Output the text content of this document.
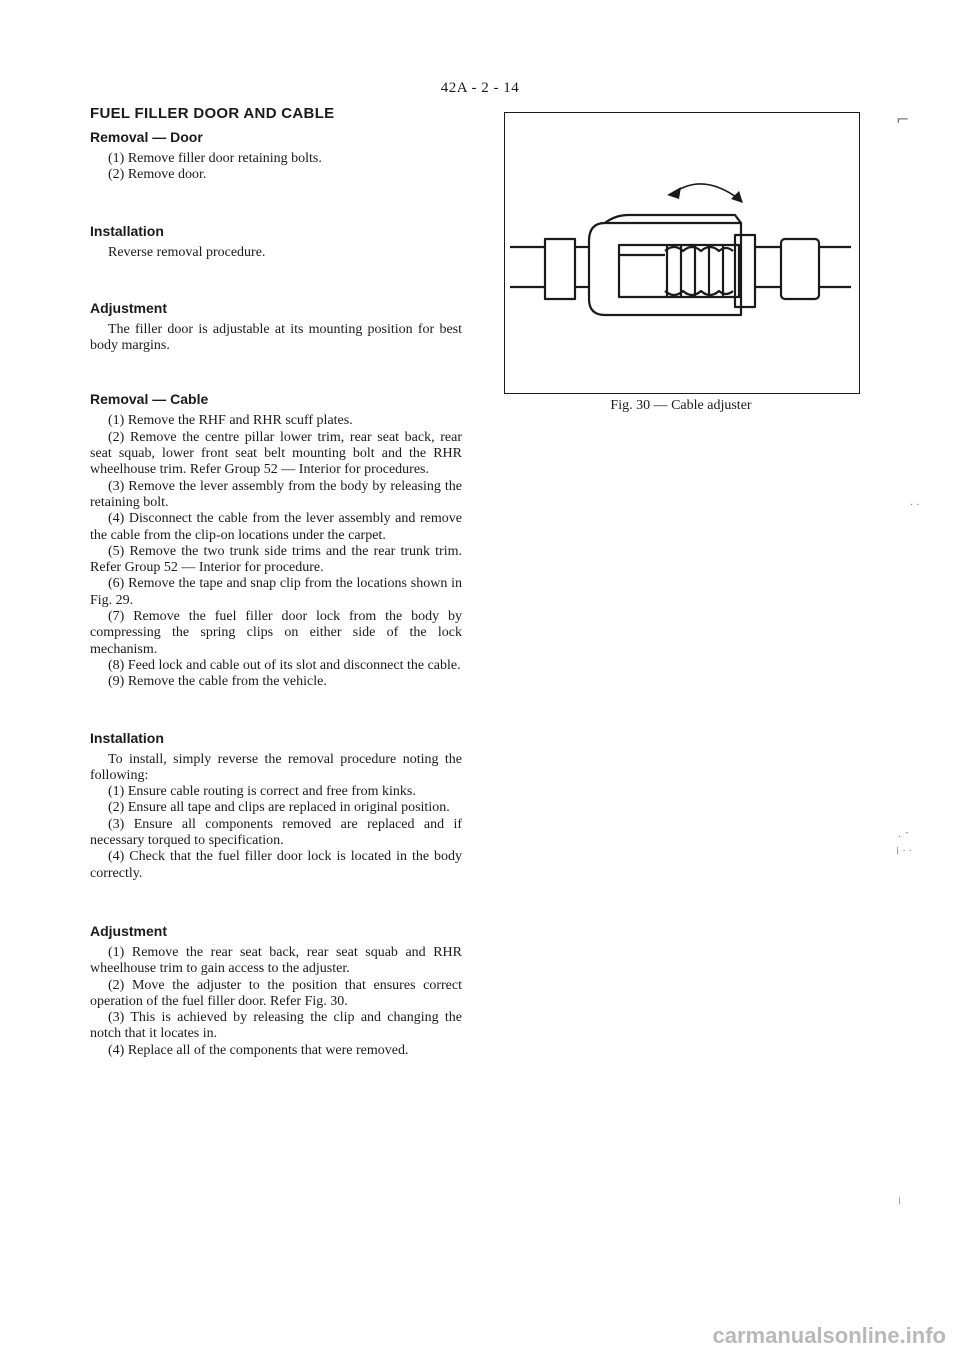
42A - 2 - 14
FUEL FILLER DOOR AND CABLE
Removal — Door

(1) Remove filler door retaining bolts.

(2) Remove door.

Installation

Reverse removal procedure.

Adjustment

The filler door is adjustable at its mounting position for best body margins.

Removal — Cable

(1) Remove the RHF and RHR scuff plates.

(2) Remove the centre pillar lower trim, rear seat back, rear seat squab, lower front seat belt mounting bolt and the RHR wheelhouse trim. Refer Group 52 — Interior for procedures.

(3) Remove the lever assembly from the body by releasing the retaining bolt.

(4) Disconnect the cable from the lever assembly and remove the cable from the clip-on locations under the carpet.

(5) Remove the two trunk side trims and the rear trunk trim. Refer Group 52 — Interior for procedure.

(6) Remove the tape and snap clip from the locations shown in Fig. 29.

(7) Remove the fuel filler door lock from the body by compressing the spring clips on either side of the lock mechanism.

(8) Feed lock and cable out of its slot and disconnect the cable.

(9) Remove the cable from the vehicle.

Installation

To install, simply reverse the removal procedure noting the following:

(1) Ensure cable routing is correct and free from kinks.

(2) Ensure all tape and clips are replaced in original position.

(3) Ensure all components removed are replaced and if necessary torqued to specification.

(4) Check that the fuel filler door lock is located in the body correctly.

Adjustment

(1) Remove the rear seat back, rear seat squab and RHR wheelhouse trim to gain access to the adjuster.

(2) Move the adjuster to the position that ensures correct operation of the fuel filler door. Refer Fig. 30.

(3) This is achieved by releasing the clip and changing the notch that it locates in.

(4) Replace all of the components that were removed.

Fig. 30 — Cable adjuster
⌐
· ·
· ˉ
⁞ · ·
⁞
carmanualsonline.info
